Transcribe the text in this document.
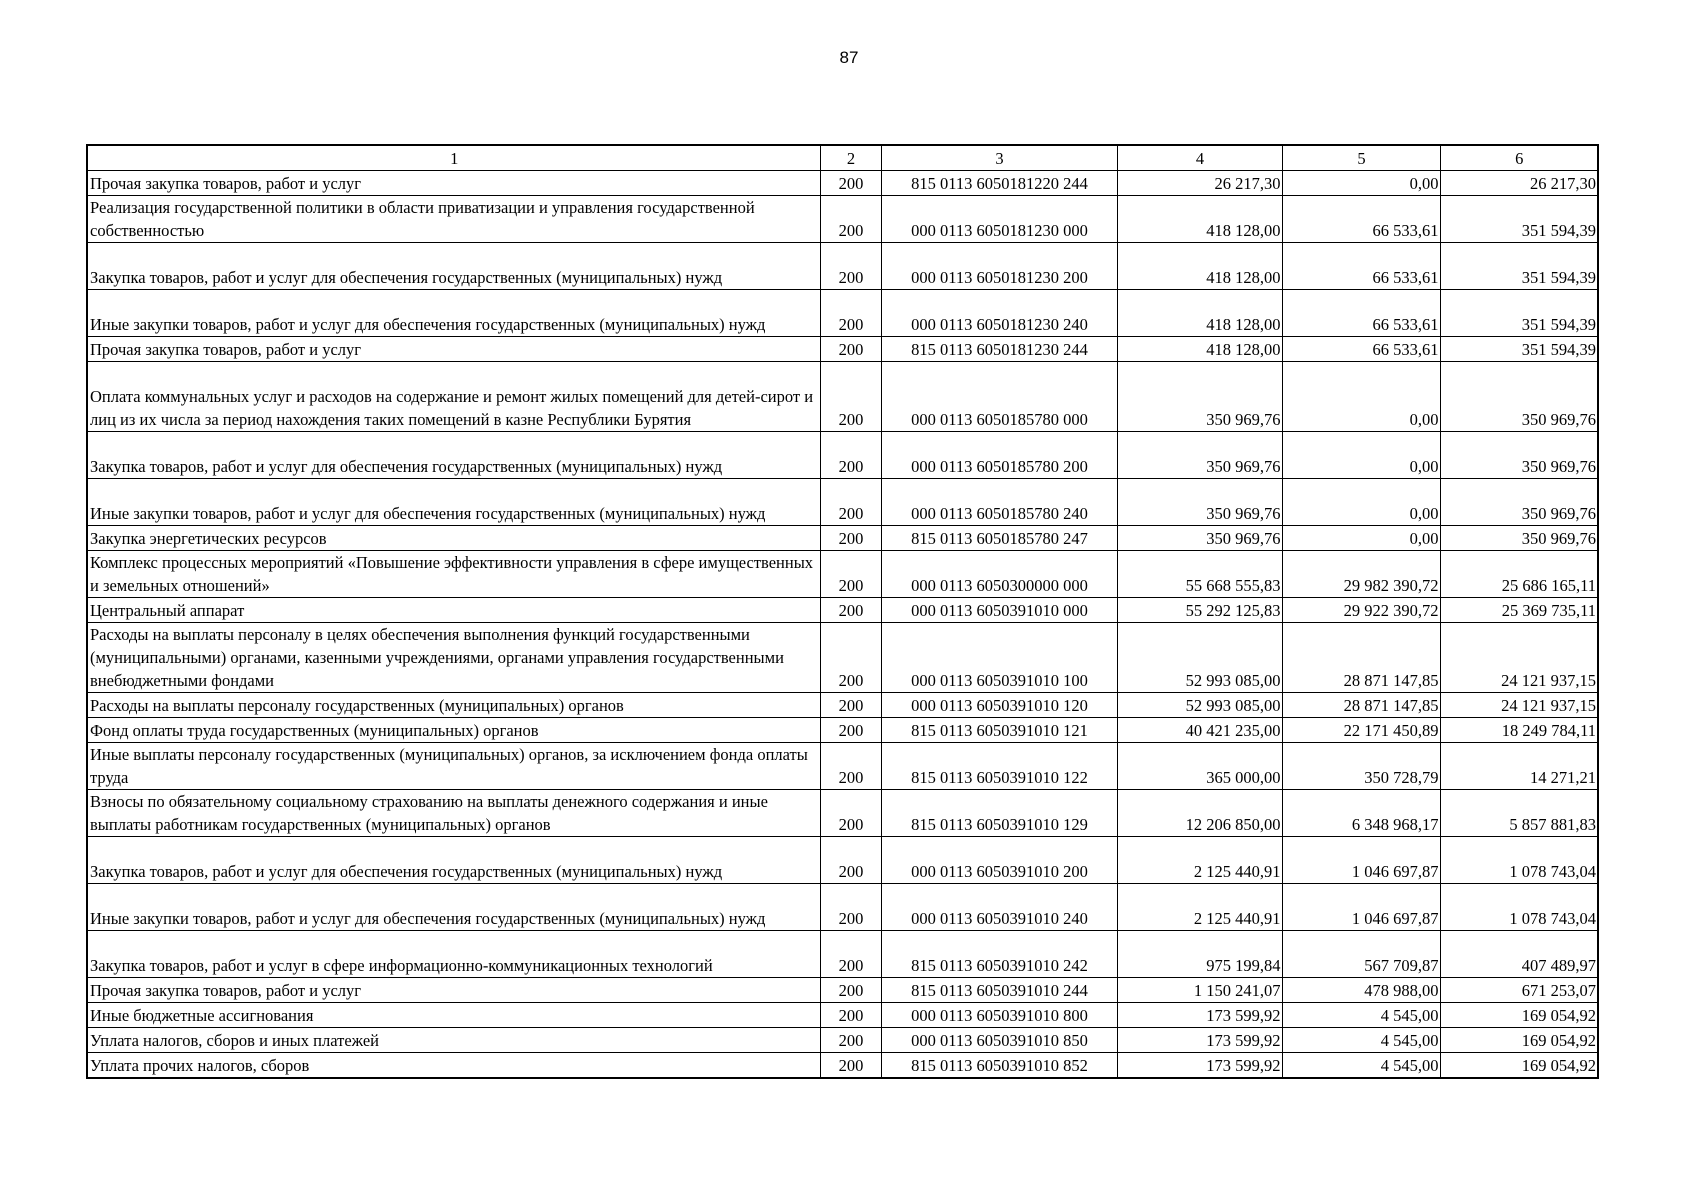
87
1	2	3	4	5	6
Прочая закупка товаров, работ и услуг	200	815 0113 6050181220 244	26 217,30	0,00	26 217,30
Реализация государственной политики в области приватизации и управления государственной собственностью	200	000 0113 6050181230 000	418 128,00	66 533,61	351 594,39
Закупка товаров, работ и услуг для обеспечения государственных (муниципальных) нужд	200	000 0113 6050181230 200	418 128,00	66 533,61	351 594,39
Иные закупки товаров, работ и услуг для обеспечения государственных (муниципальных) нужд	200	000 0113 6050181230 240	418 128,00	66 533,61	351 594,39
Прочая закупка товаров, работ и услуг	200	815 0113 6050181230 244	418 128,00	66 533,61	351 594,39
Оплата коммунальных услуг и расходов на содержание и ремонт жилых помещений для детей-сирот и лиц из их числа за период нахождения таких помещений в казне Республики Бурятия	200	000 0113 6050185780 000	350 969,76	0,00	350 969,76
Закупка товаров, работ и услуг для обеспечения государственных (муниципальных) нужд	200	000 0113 6050185780 200	350 969,76	0,00	350 969,76
Иные закупки товаров, работ и услуг для обеспечения государственных (муниципальных) нужд	200	000 0113 6050185780 240	350 969,76	0,00	350 969,76
Закупка энергетических ресурсов	200	815 0113 6050185780 247	350 969,76	0,00	350 969,76
Комплекс процессных мероприятий «Повышение эффективности управления в сфере имущественных и земельных отношений»	200	000 0113 6050300000 000	55 668 555,83	29 982 390,72	25 686 165,11
Центральный аппарат	200	000 0113 6050391010 000	55 292 125,83	29 922 390,72	25 369 735,11
Расходы на выплаты персоналу в целях обеспечения выполнения функций государственными (муниципальными) органами, казенными учреждениями, органами управления государственными внебюджетными фондами	200	000 0113 6050391010 100	52 993 085,00	28 871 147,85	24 121 937,15
Расходы на выплаты персоналу государственных (муниципальных) органов	200	000 0113 6050391010 120	52 993 085,00	28 871 147,85	24 121 937,15
Фонд оплаты труда государственных (муниципальных) органов	200	815 0113 6050391010 121	40 421 235,00	22 171 450,89	18 249 784,11
Иные выплаты персоналу государственных (муниципальных) органов, за исключением фонда оплаты труда	200	815 0113 6050391010 122	365 000,00	350 728,79	14 271,21
Взносы по обязательному социальному страхованию на выплаты денежного содержания и иные выплаты работникам государственных (муниципальных) органов	200	815 0113 6050391010 129	12 206 850,00	6 348 968,17	5 857 881,83
Закупка товаров, работ и услуг для обеспечения государственных (муниципальных) нужд	200	000 0113 6050391010 200	2 125 440,91	1 046 697,87	1 078 743,04
Иные закупки товаров, работ и услуг для обеспечения государственных (муниципальных) нужд	200	000 0113 6050391010 240	2 125 440,91	1 046 697,87	1 078 743,04
Закупка товаров, работ и услуг в сфере информационно-коммуникационных технологий	200	815 0113 6050391010 242	975 199,84	567 709,87	407 489,97
Прочая закупка товаров, работ и услуг	200	815 0113 6050391010 244	1 150 241,07	478 988,00	671 253,07
Иные бюджетные ассигнования	200	000 0113 6050391010 800	173 599,92	4 545,00	169 054,92
Уплата налогов, сборов и иных платежей	200	000 0113 6050391010 850	173 599,92	4 545,00	169 054,92
Уплата прочих налогов, сборов	200	815 0113 6050391010 852	173 599,92	4 545,00	169 054,92
